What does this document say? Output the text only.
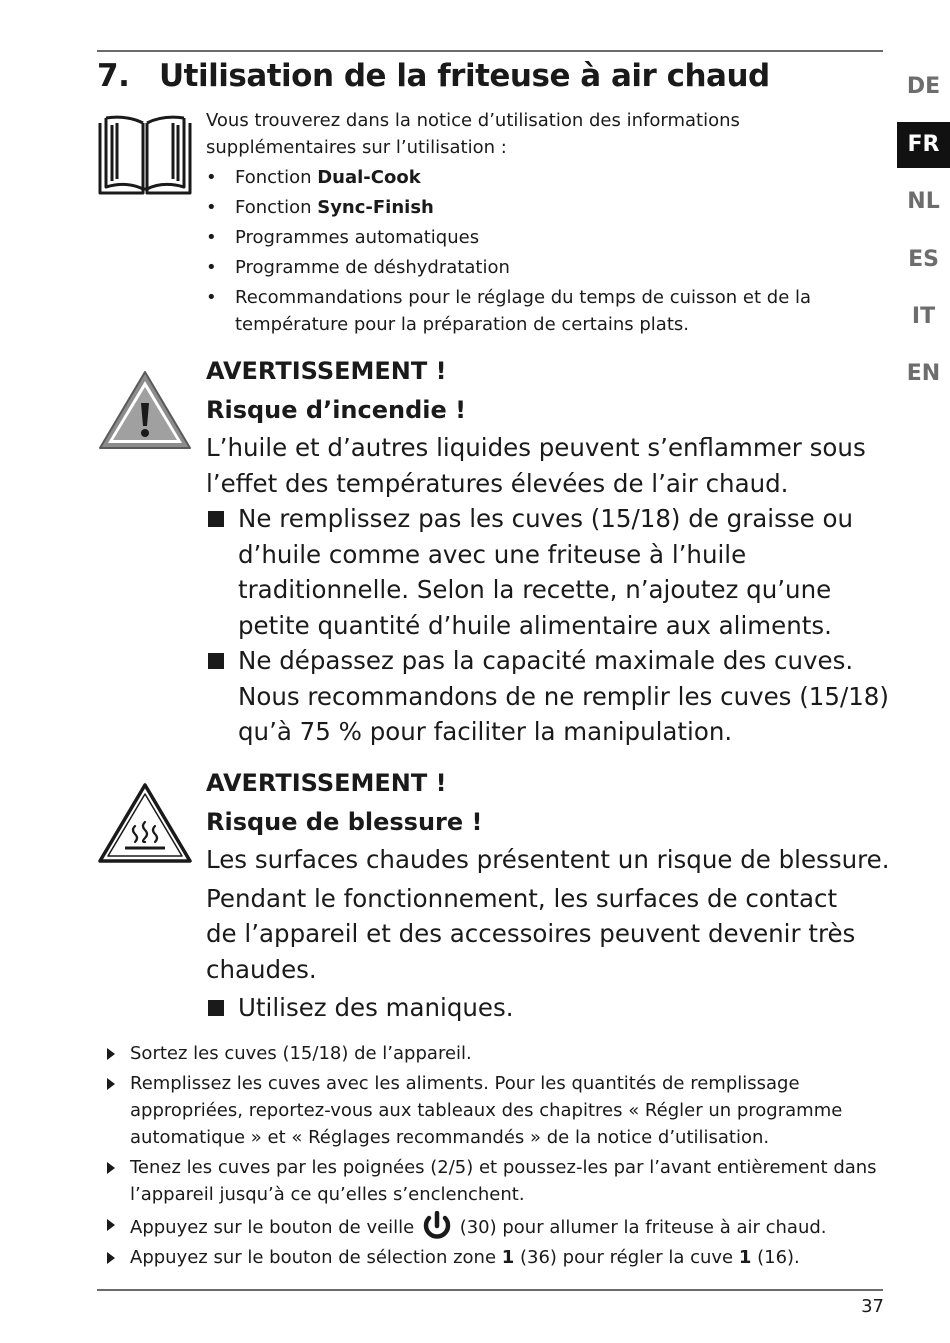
7. Utilisation de la friteuse à air chaud	DE
FR
NL
ES
IT
EN

Vous trouverez dans la notice d’utilisation des informations supplémentaires sur l’utilisation :

• Fonction Dual-Cook
• Fonction Sync-Finish
• Programmes automatiques
• Programme de déshydratation
• Recommandations pour le réglage du temps de cuisson et de la température pour la préparation de certains plats.
AVERTISSEMENT !
Risque d’incendie !

L’huile et d’autres liquides peuvent s’enflammer sous l’effet des températures élevées de l’air chaud.

Ne remplissez pas les cuves (15/18) de graisse ou d’huile comme avec une friteuse à l’huile traditionnelle. Selon la recette, n’ajoutez qu’une petite quantité d’huile alimentaire aux aliments.
Ne dépassez pas la capacité maximale des cuves. Nous recommandons de ne remplir les cuves (15/18) qu’à 75 % pour faciliter la manipulation.
AVERTISSEMENT !
Risque de blessure !

Les surfaces chaudes présentent un risque de blessure.

Pendant le fonctionnement, les surfaces de contact de l’appareil et des accessoires peuvent devenir très chaudes.

Utilisez des maniques.
Sortez les cuves (15/18) de l’appareil.
Remplissez les cuves avec les aliments. Pour les quantités de remplissage appropriées, reportez-vous aux tableaux des chapitres « Régler un programme automatique » et « Réglages recommandés » de la notice d’utilisation.
Tenez les cuves par les poignées (2/5) et poussez-les par l’avant entièrement dans l’appareil jusqu’à ce qu’elles s’enclenchent.
Appuyez sur le bouton de veille  (30) pour allumer la friteuse à air chaud.
Appuyez sur le bouton de sélection zone 1 (36) pour régler la cuve 1 (16).
37
